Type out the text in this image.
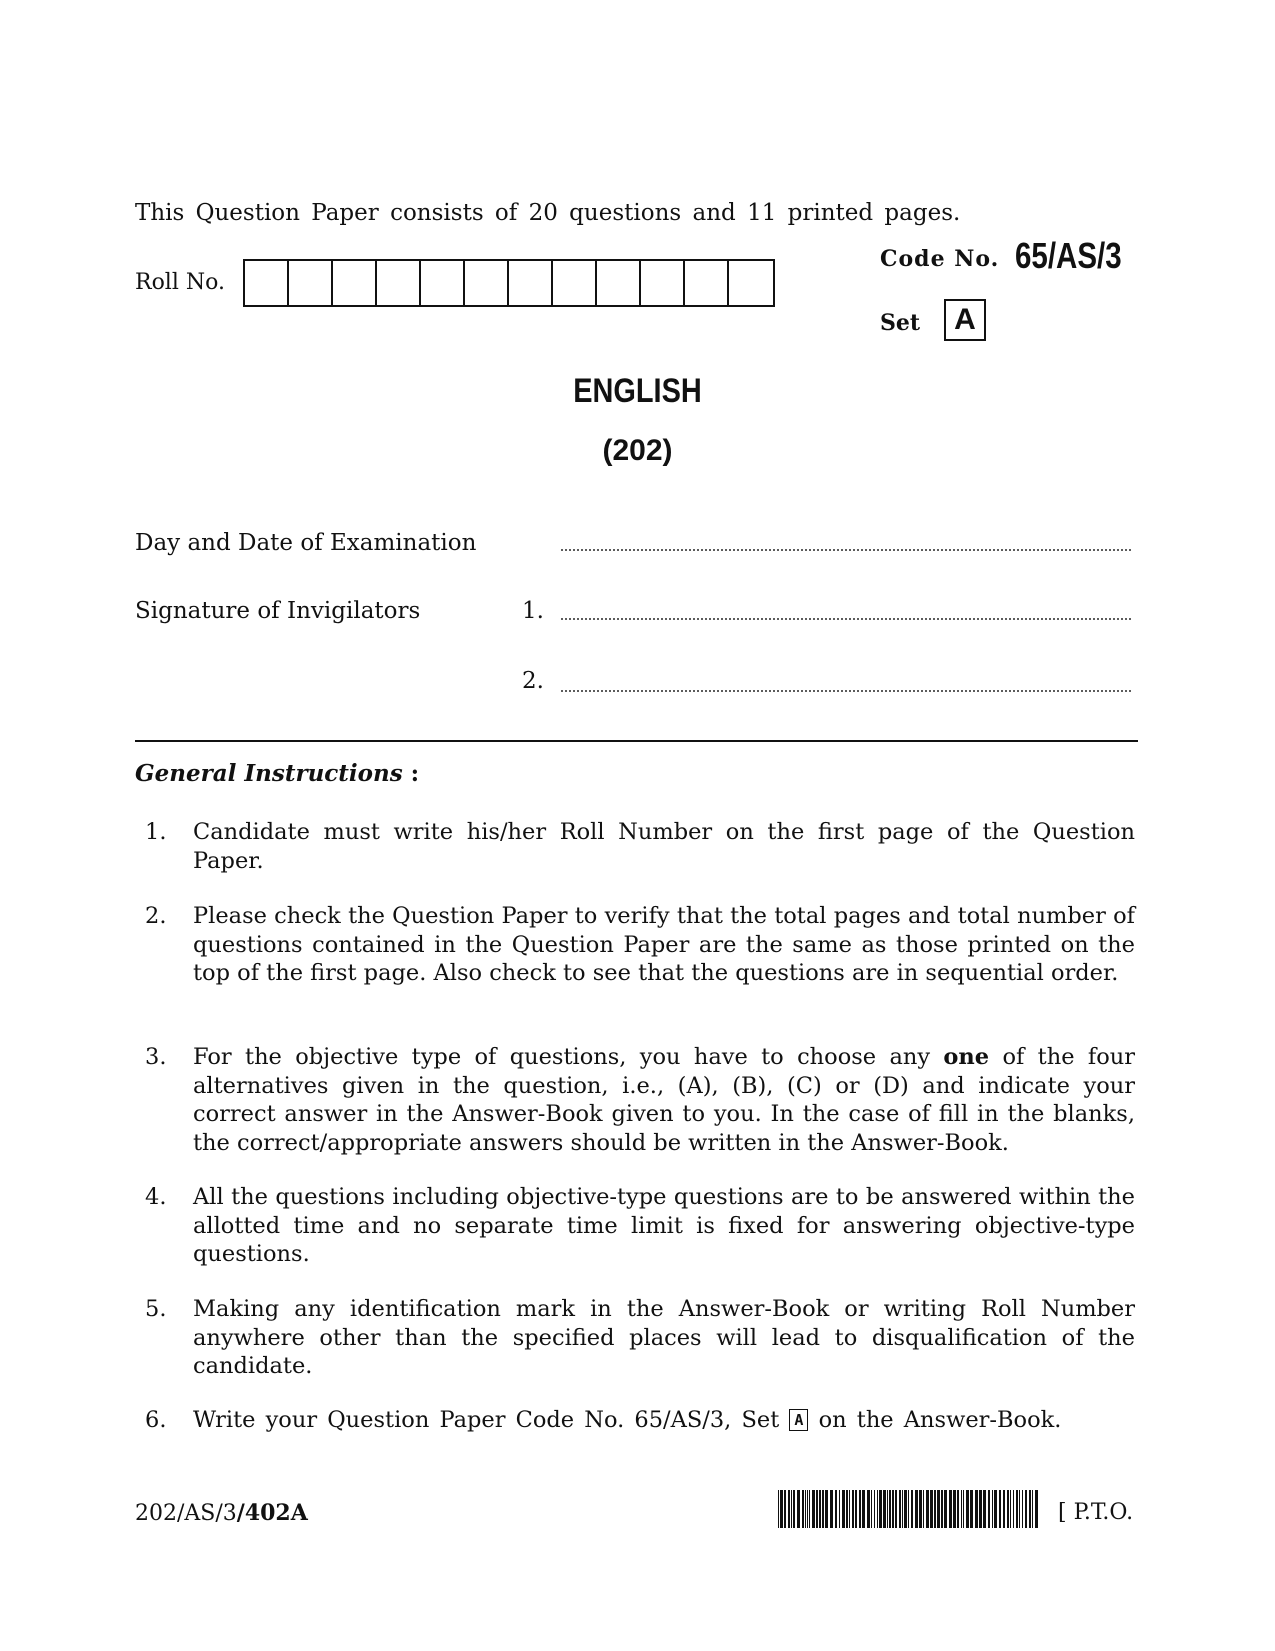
This Question Paper consists of 20 questions and 11 printed pages.
Roll No.
Code No. 65/AS/3
Set	A
ENGLISH
(202)
Day and Date of Examination
Signature of Invigilators	1.
2.
General Instructions :
1.	Candidate must write his/her Roll Number on the first page of the Question Paper.
2.	Please check the Question Paper to verify that the total pages and total number of questions contained in the Question Paper are the same as those printed on the top of the first page. Also check to see that the questions are in sequential order.
3.	For the objective type of questions, you have to choose any one of the four alternatives given in the question, i.e., (A), (B), (C) or (D) and indicate your correct answer in the Answer-Book given to you. In the case of fill in the blanks, the correct/appropriate answers should be written in the Answer-Book.
4.	All the questions including objective-type questions are to be answered within the allotted time and no separate time limit is fixed for answering objective-type questions.
5.	Making any identification mark in the Answer-Book or writing Roll Number anywhere other than the specified places will lead to disqualification of the candidate.
6.	Write your Question Paper Code No. 65/AS/3, Set A on the Answer-Book.
202/AS/3/402A	[ P.T.O.
